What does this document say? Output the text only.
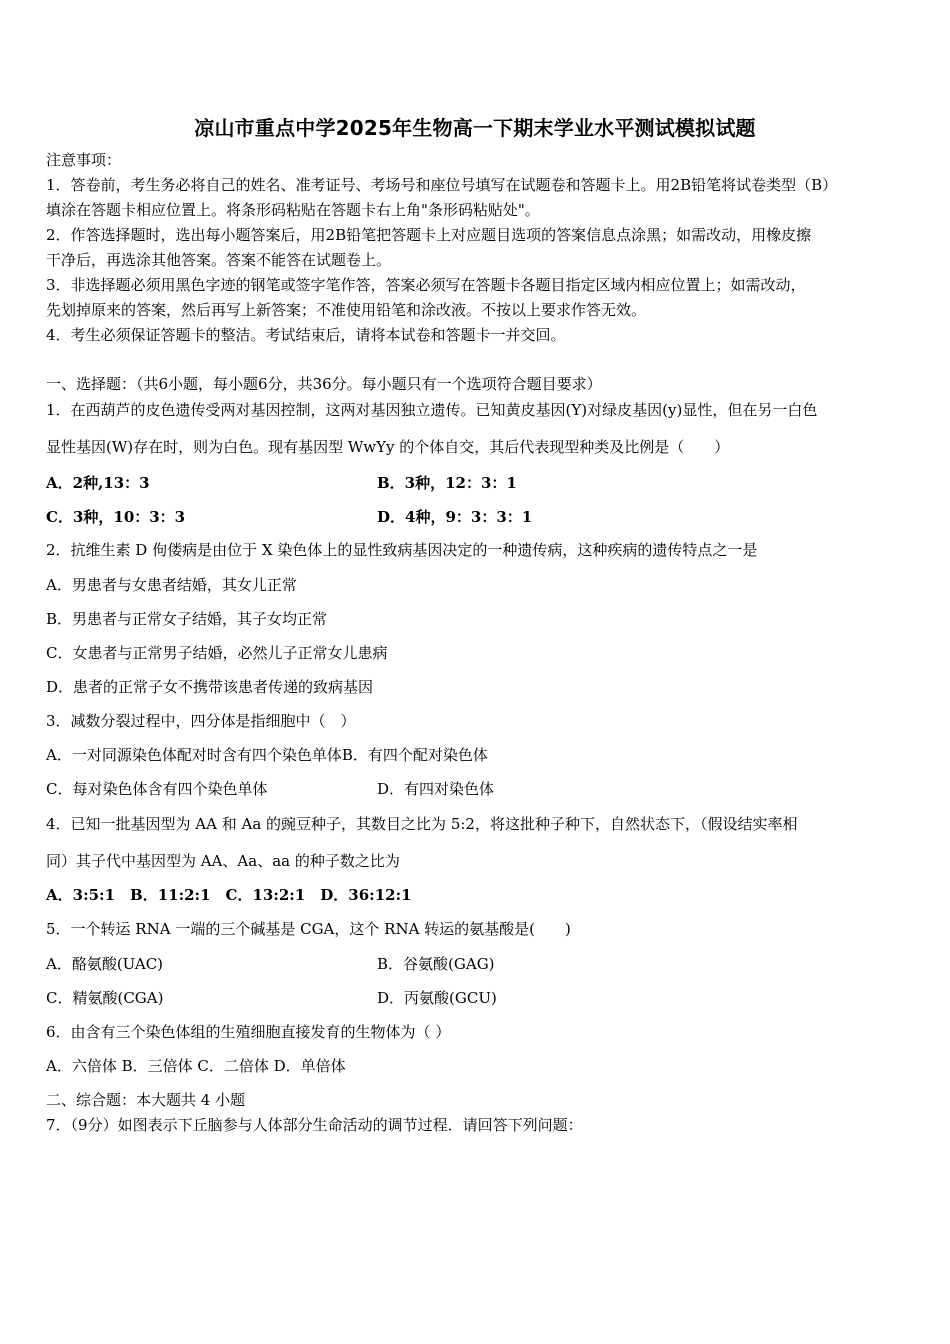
凉山市重点中学2025年生物高一下期末学业水平测试模拟试题
注意事项：
1．答卷前，考生务必将自己的姓名、准考证号、考场号和座位号填写在试题卷和答题卡上。用2B铅笔将试卷类型（B）
填涂在答题卡相应位置上。将条形码粘贴在答题卡右上角"条形码粘贴处"。
2．作答选择题时，选出每小题答案后，用2B铅笔把答题卡上对应题目选项的答案信息点涂黑；如需改动，用橡皮擦
干净后，再选涂其他答案。答案不能答在试题卷上。
3．非选择题必须用黑色字迹的钢笔或签字笔作答，答案必须写在答题卡各题目指定区域内相应位置上；如需改动，
先划掉原来的答案，然后再写上新答案；不准使用铅笔和涂改液。不按以上要求作答无效。
4．考生必须保证答题卡的整洁。考试结束后，请将本试卷和答题卡一并交回。
一、选择题：（共6小题，每小题6分，共36分。每小题只有一个选项符合题目要求）
1．在西葫芦的皮色遗传受两对基因控制，这两对基因独立遗传。已知黄皮基因(Y)对绿皮基因(y)显性，但在另一白色
显性基因(W)存在时，则为白色。现有基因型 WwYy 的个体自交，其后代表现型种类及比例是（　　）
A．2种,13：3	B．3种，12：3：1
C．3种，10：3：3	D．4种，9：3：3：1
2．抗维生素 D 佝偻病是由位于 X 染色体上的显性致病基因决定的一种遗传病，这种疾病的遗传特点之一是
A．男患者与女患者结婚，其女儿正常
B．男患者与正常女子结婚，其子女均正常
C．女患者与正常男子结婚，必然儿子正常女儿患病
D．患者的正常子女不携带该患者传递的致病基因
3．减数分裂过程中，四分体是指细胞中（　）
A．一对同源染色体配对时含有四个染色单体B．有四个配对染色体
C．每对染色体含有四个染色单体	D．有四对染色体
4．已知一批基因型为 AA 和 Aa 的豌豆种子，其数目之比为 5:2，将这批种子种下，自然状态下，（假设结实率相
同）其子代中基因型为 AA、Aa、aa 的种子数之比为
A．3:5:1　B．11:2:1　C．13:2:1　D．36:12:1
5．一个转运 RNA 一端的三个碱基是 CGA，这个 RNA 转运的氨基酸是(　　)
A．酪氨酸(UAC)	B．谷氨酸(GAG)
C．精氨酸(CGA)	D．丙氨酸(GCU)
6．由含有三个染色体组的生殖细胞直接发育的生物体为（ ）
A．六倍体 B．三倍体 C．二倍体 D．单倍体
二、综合题：本大题共 4 小题
7．（9分）如图表示下丘脑参与人体部分生命活动的调节过程．请回答下列问题：
